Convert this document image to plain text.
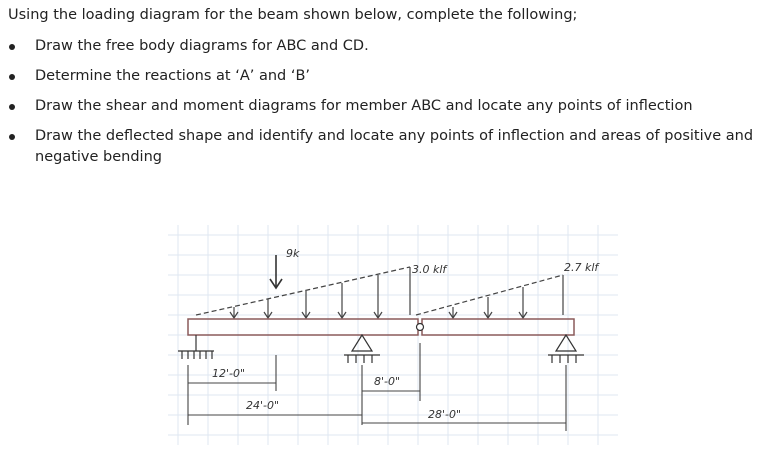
Using the loading diagram for the beam shown below, complete the following;
Draw the free body diagrams for ABC and CD.
Determine the reactions at ‘A’ and ‘B’
Draw the shear and moment diagrams for member ABC and locate any points of inflection
Draw the deflected shape and identify and locate any points of inflection and areas of positive and negative bending
9k
3.0 klf	2.7 klf
12'-0"
24'-0"
8'-0"
28'-0"
